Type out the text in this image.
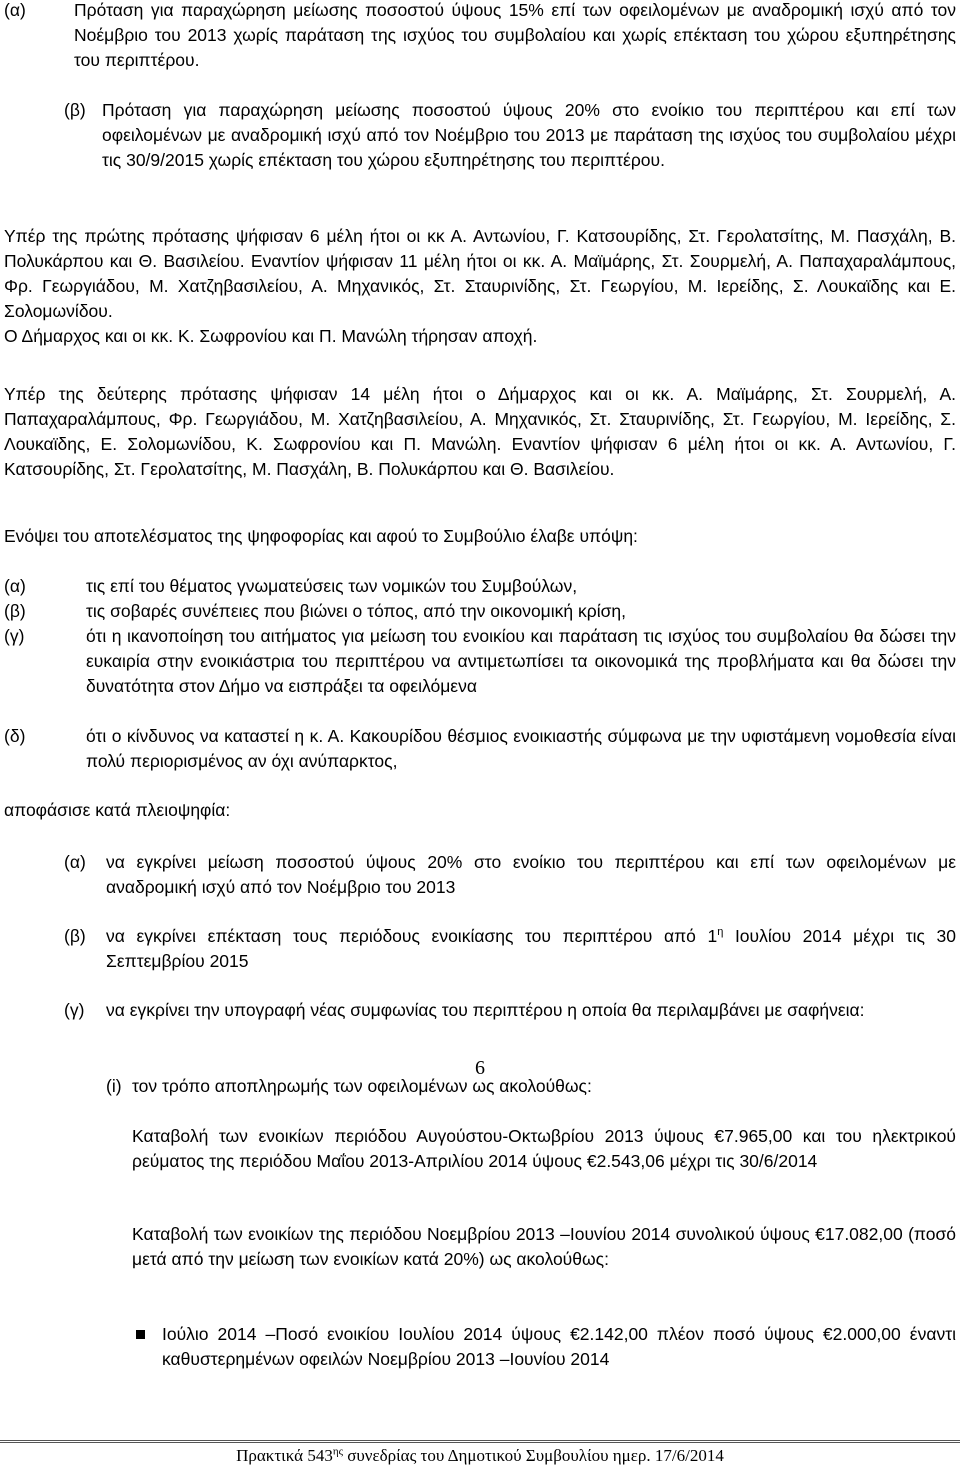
(α)	Πρόταση για παραχώρηση μείωσης ποσοστού ύψους 15% επί των οφειλομένων με αναδρομική ισχύ από τον Νοέμβριο του 2013 χωρίς παράταση της ισχύος του συμβολαίου και χωρίς επέκταση του χώρου εξυπηρέτησης του περιπτέρου.
(β) Πρόταση για παραχώρηση μείωσης ποσοστού ύψους 20% στο ενοίκιο του περιπτέρου και επί των οφειλομένων με αναδρομική ισχύ από τον Νοέμβριο του 2013 με παράταση της ισχύος του συμβολαίου μέχρι τις 30/9/2015 χωρίς επέκταση του χώρου εξυπηρέτησης του περιπτέρου.
Υπέρ της πρώτης πρότασης ψήφισαν 6 μέλη ήτοι οι κκ Α. Αντωνίου, Γ. Κατσουρίδης, Στ. Γερολατσίτης, Μ. Πασχάλη, Β. Πολυκάρπου και Θ. Βασιλείου. Εναντίον ψήφισαν 11 μέλη ήτοι οι κκ. Α. Μαϊμάρης, Στ. Σουρμελή, Α. Παπαχαραλάμπους, Φρ. Γεωργιάδου, Μ. Χατζηβασιλείου, Α. Μηχανικός, Στ. Σταυρινίδης, Στ. Γεωργίου, Μ. Ιερείδης, Σ. Λουκαϊδης και Ε. Σολομωνίδου.
Ο Δήμαρχος και οι κκ. Κ. Σωφρονίου και Π. Μανώλη τήρησαν αποχή.
Υπέρ της δεύτερης πρότασης ψήφισαν 14 μέλη ήτοι ο Δήμαρχος και οι κκ. Α. Μαϊμάρης, Στ. Σουρμελή, Α. Παπαχαραλάμπους, Φρ. Γεωργιάδου, Μ. Χατζηβασιλείου, Α. Μηχανικός, Στ. Σταυρινίδης, Στ. Γεωργίου, Μ. Ιερείδης, Σ. Λουκαϊδης, Ε. Σολομωνίδου, Κ. Σωφρονίου και Π. Μανώλη. Εναντίον ψήφισαν 6 μέλη ήτοι οι κκ. Α. Αντωνίου, Γ. Κατσουρίδης, Στ. Γερολατσίτης, Μ. Πασχάλη, Β. Πολυκάρπου και Θ. Βασιλείου.
Ενόψει του αποτελέσματος της ψηφοφορίας και αφού το Συμβούλιο έλαβε υπόψη:
(α)	τις επί του θέματος γνωματεύσεις των νομικών του Συμβούλων,
(β)	τις σοβαρές συνέπειες που βιώνει ο τόπος, από την οικονομική κρίση,
(γ)	ότι η ικανοποίηση του αιτήματος για μείωση του ενοικίου και παράταση τις ισχύος του συμβολαίου θα δώσει την ευκαιρία στην ενοικιάστρια του περιπτέρου να αντιμετωπίσει τα οικονομικά της προβλήματα και θα δώσει την δυνατότητα στον Δήμο να εισπράξει τα οφειλόμενα
(δ)	ότι ο κίνδυνος να καταστεί η κ. Α. Κακουρίδου θέσμιος ενοικιαστής σύμφωνα με την υφιστάμενη νομοθεσία είναι πολύ περιορισμένος αν όχι ανύπαρκτος,
αποφάσισε κατά πλειοψηφία:
(α) να εγκρίνει μείωση ποσοστού ύψους 20% στο ενοίκιο του περιπτέρου και επί των οφειλομένων με αναδρομική ισχύ από τον Νοέμβριο του 2013
(β) να εγκρίνει επέκταση τους περιόδους ενοικίασης του περιπτέρου από $1^\eta$ Ιουλίου 2014 μέχρι τις 30 Σεπτεμβρίου 2015
(γ) να εγκρίνει την υπογραφή νέας συμφωνίας του περιπτέρου η οποία θα περιλαμβάνει με σαφήνεια:
6
(i) τον τρόπο αποπληρωμής των οφειλομένων ως ακολούθως:
Καταβολή των ενοικίων περιόδου Αυγούστου-Οκτωβρίου 2013 ύψους €7.965,00 και του ηλεκτρικού ρεύματος της περιόδου Μαΐου 2013-Απριλίου 2014 ύψους €2.543,06 μέχρι τις 30/6/2014
Καταβολή των ενοικίων της περιόδου Νοεμβρίου 2013 –Ιουνίου 2014 συνολικού ύψους €17.082,00 (ποσό μετά από την μείωση των ενοικίων κατά 20%) ως ακολούθως:
Ιούλιο 2014 –Ποσό ενοικίου Ιουλίου 2014 ύψους €2.142,00 πλέον ποσό ύψους €2.000,00 έναντι καθυστερημένων οφειλών Νοεμβρίου 2013 –Ιουνίου 2014
Πρακτικά $543^{\eta\varsigma}$ συνεδρίας του Δημοτικού Συμβουλίου ημερ. 17/6/2014
